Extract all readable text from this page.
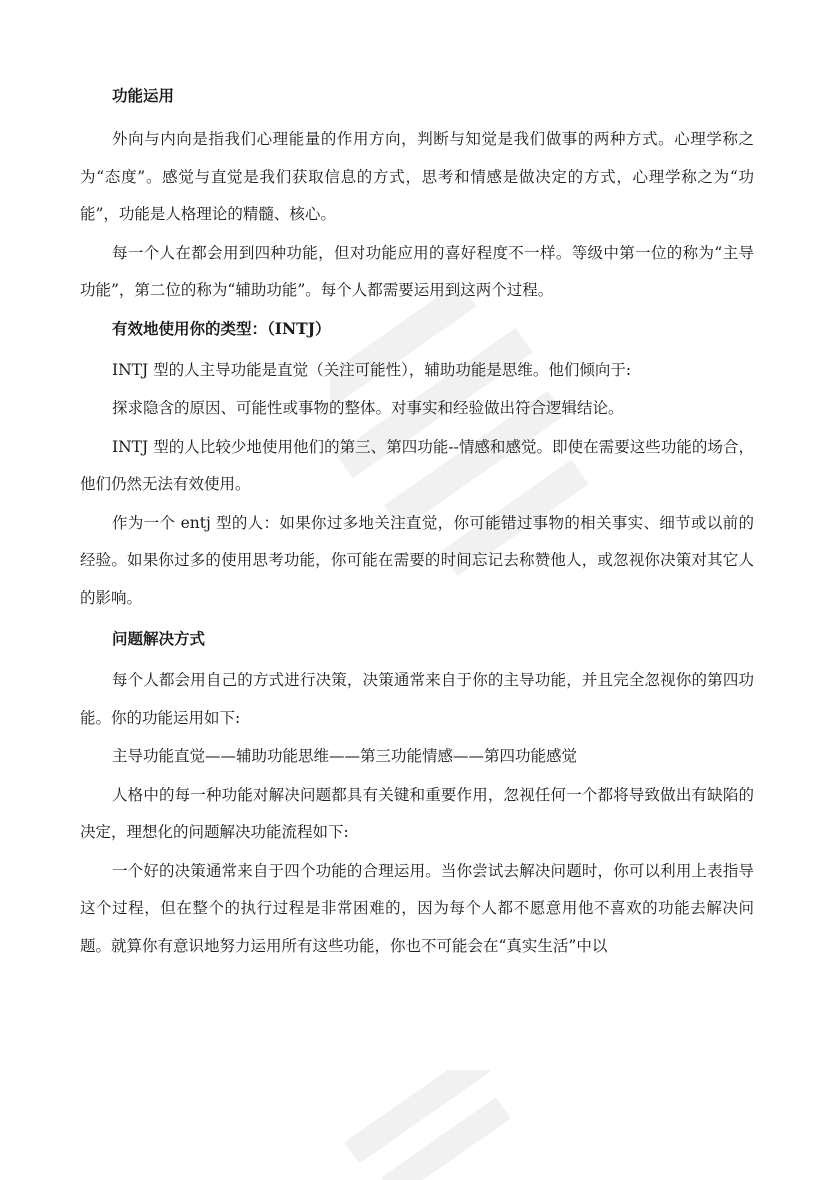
功能运用

外向与内向是指我们心理能量的作用方向，判断与知觉是我们做事的两种方式。心理学称之为“态度”。感觉与直觉是我们获取信息的方式，思考和情感是做决定的方式，心理学称之为“功能”，功能是人格理论的精髓、核心。

每一个人在都会用到四种功能，但对功能应用的喜好程度不一样。等级中第一位的称为“主导功能”，第二位的称为“辅助功能”。每个人都需要运用到这两个过程。

有效地使用你的类型：（INTJ）

INTJ 型的人主导功能是直觉（关注可能性），辅助功能是思维。他们倾向于:

探求隐含的原因、可能性或事物的整体。对事实和经验做出符合逻辑结论。

INTJ 型的人比较少地使用他们的第三、第四功能--情感和感觉。即使在需要这些功能的场合，他们仍然无法有效使用。

作为一个 entj 型的人：如果你过多地关注直觉，你可能错过事物的相关事实、细节或以前的经验。如果你过多的使用思考功能，你可能在需要的时间忘记去称赞他人，或忽视你决策对其它人的影响。

问题解决方式

每个人都会用自己的方式进行决策，决策通常来自于你的主导功能，并且完全忽视你的第四功能。你的功能运用如下:

主导功能直觉——辅助功能思维——第三功能情感——第四功能感觉

人格中的每一种功能对解决问题都具有关键和重要作用，忽视任何一个都将导致做出有缺陷的决定，理想化的问题解决功能流程如下:

一个好的决策通常来自于四个功能的合理运用。当你尝试去解决问题时，你可以利用上表指导这个过程，但在整个的执行过程是非常困难的，因为每个人都不愿意用他不喜欢的功能去解决问题。就算你有意识地努力运用所有这些功能，你也不可能会在“真实生活”中以
